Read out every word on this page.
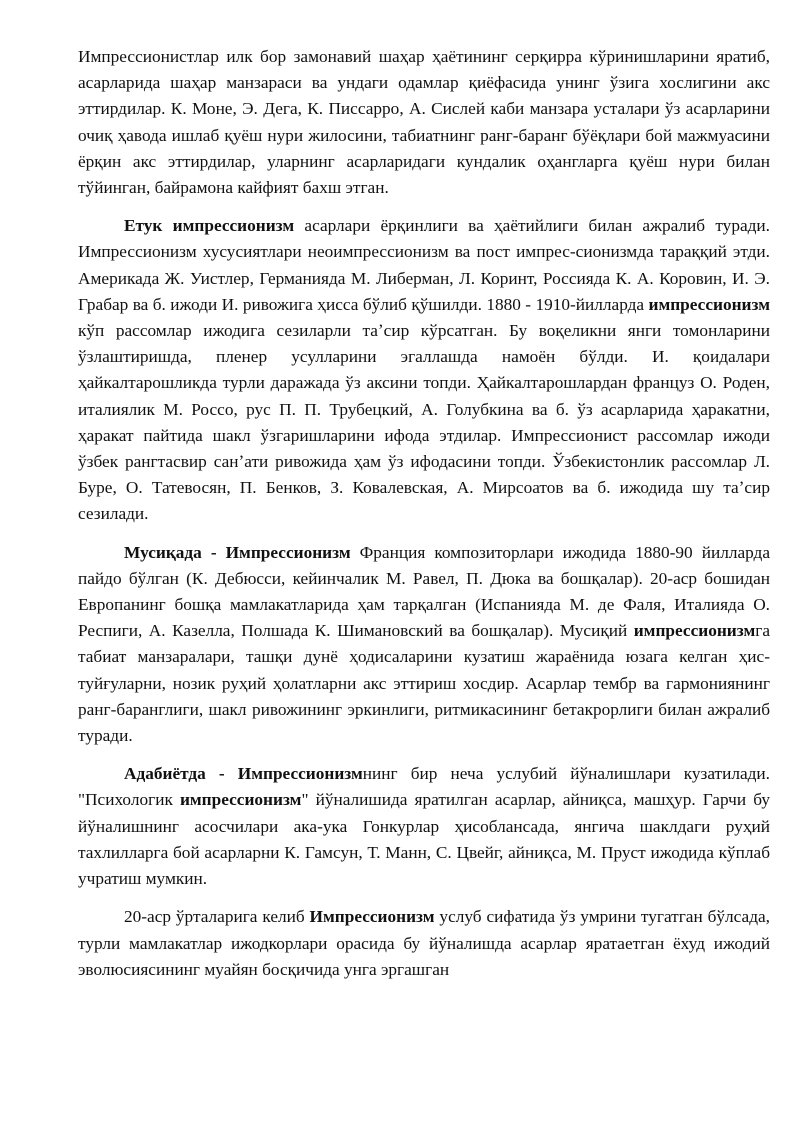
Импрессионистлар илк бор замонавий шаҳар ҳаётининг серқирра кўринишларини яратиб, асарларида шаҳар манзараси ва ундаги одамлар қиёфасида унинг ўзига хослигини акс эттирдилар. К. Моне, Э. Дега, К. Писсарро, А. Сислей каби манзара усталари ўз асарларини очиқ ҳавода ишлаб қуёш нури жилосини, табиатнинг ранг-баранг бўёқлари бой мажмуасини ёрқин акс эттирдилар, уларнинг асарларидаги кундалик оҳангларга қуёш нури билан тўйинган, байрамона кайфият бахш этган.

Етук импрессионизм асарлари ёрқинлиги ва ҳаётийлиги билан ажралиб туради. Импрессионизм хусусиятлари неоимпрессионизм ва пост импрес-сионизмда тараққий этди. Америкада Ж. Уистлер, Германияда М. Либерман, Л. Коринт, Россияда К. А. Коровин, И. Э. Грабар ва б. ижоди И. ривожига ҳисса бўлиб қўшилди. 1880 - 1910-йилларда импрессионизм кўп рассомлар ижодига сезиларли таʼсир кўрсатган. Бу воқеликни янги томонларини ўзлаштиришда, пленер усулларини эгаллашда намоён бўлди. И. қоидалари ҳайкалтарошликда турли даражада ўз аксини топди. Ҳайкалтарошлардан француз О. Роден, италиялик М. Россо, рус П. П. Трубецкий, А. Голубкина ва б. ўз асарларида ҳаракатни, ҳаракат пайтида шакл ўзгаришларини ифода этдилар. Импрессионист рассомлар ижоди ўзбек рангтасвир санʼати ривожида ҳам ўз ифодасини топди. Ўзбекистонлик рассомлар Л. Буре, О. Татевосян, П. Бенков, З. Ковалевская, А. Мирсоатов ва б. ижодида шу таʼсир сезилади.

Мусиқада - Импрессионизм Франция композиторлари ижодида 1880-90 йилларда пайдо бўлган (К. Дебюсси, кейинчалик М. Равел, П. Дюка ва бошқалар). 20-аср бошидан Европанинг бошқа мамлакатларида ҳам тарқалган (Испанияда М. де Фаля, Италияда О. Респиги, А. Казелла, Полшада К. Шимановский ва бошқалар). Мусиқий импрессионизмга табиат манзаралари, ташқи дунё ҳодисаларини кузатиш жараёнида юзага келган ҳис-туйғуларни, нозик руҳий ҳолатларни акс эттириш хосдир. Асарлар тембр ва гармониянинг ранг-баранглиги, шакл ривожининг эркинлиги, ритмикасининг бетакрорлиги билан ажралиб туради.

Адабиётда - Импрессионизмнинг бир неча услубий йўналишлари кузатилади. "Психологик импрессионизм" йўналишида яратилган асарлар, айниқса, машҳур. Гарчи бу йўналишнинг асосчилари ака-ука Гонкурлар ҳисоблансада, янгича шаклдаги руҳий тахлилларга бой асарларни К. Гамсун, Т. Манн, С. Цвейг, айниқса, М. Пруст ижодида кўплаб учратиш мумкин.

20-аср ўрталарига келиб Импрессионизм услуб сифатида ўз умрини тугатган бўлсада, турли мамлакатлар ижодкорлари орасида бу йўналишда асарлар яратаетган ёхуд ижодий эволюсиясининг муайян босқичида унга эргашган
